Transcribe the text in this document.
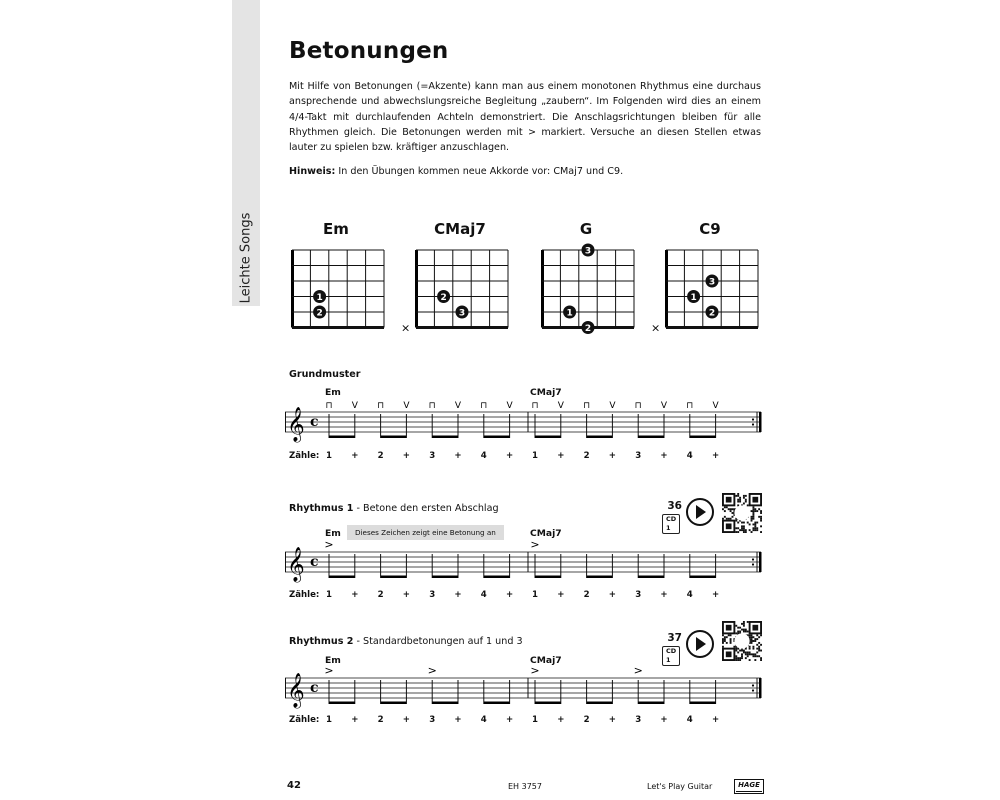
Leichte Songs
Betonungen

Mit Hilfe von Betonungen (=Akzente) kann man aus einem monotonen Rhythmus eine durchaus ansprechende und abwechslungsreiche Begleitung „zaubern“. Im Folgenden wird dies an einem 4/4-Takt mit durchlaufenden Achteln demonstriert. Die Anschlagsrichtungen bleiben für alle Rhythmen gleich. Die Betonungen werden mit > markiert. Versuche an diesen Stellen etwas lauter zu spielen bzw. kräftiger anzuschlagen.

Hinweis: In den Übungen kommen neue Akkorde vor: CMaj7 und C9.

Em
2
1
CMaj7
×
3
2
G
2
1
3
C9
×
2
1
3
Grundmuster
Em	CMaj7
𝄞 c
⊓ V ⊓ V ⊓ V ⊓ V ⊓ V ⊓ V ⊓ V ⊓ V
Rhythmus 1 - Betone den ersten Abschlag	36
CD 1
Dieses Zeichen zeigt eine Betonung an
Em	CMaj7
𝄞 c
>	>
Rhythmus 2 - Standardbetonungen auf 1 und 3	37
CD 1
Em	CMaj7
𝄞 c
>	>	>	>
42	EH 3757	Let's Play Guitar	HAGE
Zähle: 1 + 2 + 3 + 4 + 1 + 2 + 3 + 4 +
Zähle: 1 + 2 + 3 + 4 + 1 + 2 + 3 + 4 +
Zähle: 1 + 2 + 3 + 4 + 1 + 2 + 3 + 4 +
